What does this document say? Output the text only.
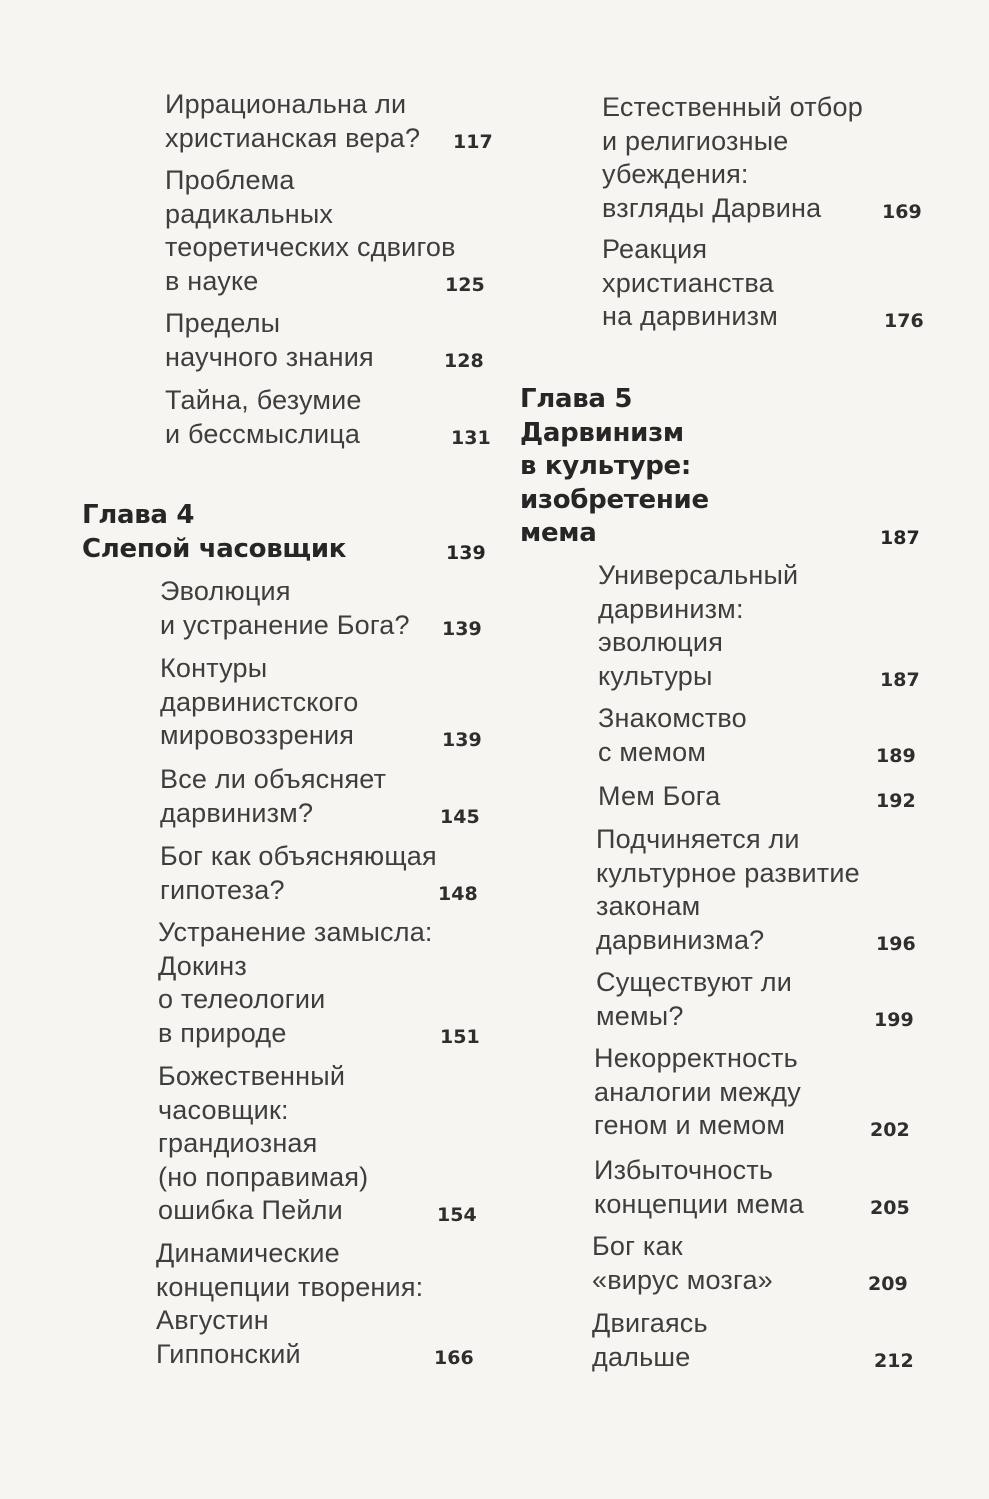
Иррациональна ли
христианская вера?	117
Проблема
радикальных
теоретических сдвигов
в науке	125
Пределы
научного знания	128
Тайна, безумие
и бессмыслица	131
Глава 4
Слепой часовщик	139
Эволюция
и устранение Бога?	139
Контуры
дарвинистского
мировоззрения	139
Все ли объясняет
дарвинизм?	145
Бог как объясняющая
гипотеза?	148
Устранение замысла:
Докинз
о телеологии
в природе	151
Божественный
часовщик:
грандиозная
(но поправимая)
ошибка Пейли	154
Динамические
концепции творения:
Августин
Гиппонский	166
Естественный отбор
и религиозные
убеждения:
взгляды Дарвина	169
Реакция
христианства
на дарвинизм	176
Глава 5
Дарвинизм
в культуре:
изобретение
мема	187
Универсальный
дарвинизм:
эволюция
культуры	187
Знакомство
с мемом	189
Мем Бога	192
Подчиняется ли
культурное развитие
законам
дарвинизма?	196
Существуют ли
мемы?	199
Некорректность
аналогии между
геном и мемом	202
Избыточность
концепции мема	205
Бог как
«вирус мозга»	209
Двигаясь
дальше	212
